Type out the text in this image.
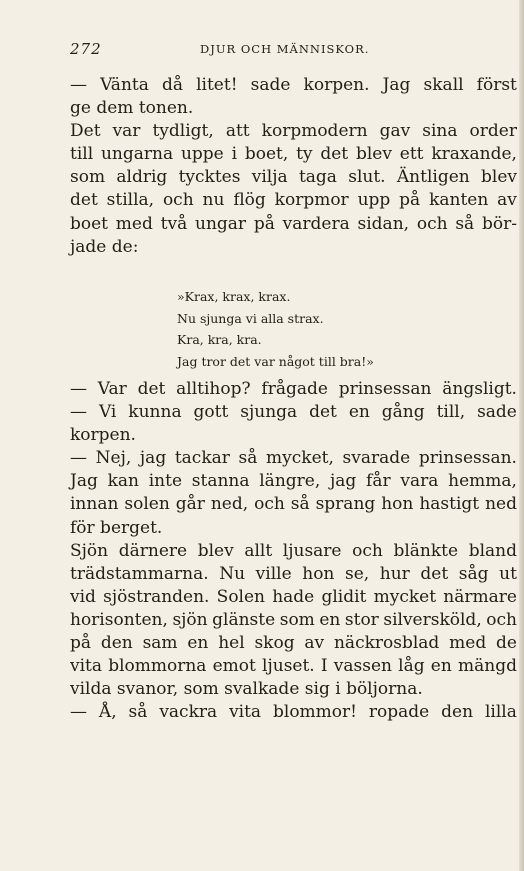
272	DJUR OCH MÄNNISKOR.
— Vänta då litet! sade korpen. Jag skall först
ge dem tonen.
Det var tydligt, att korpmodern gav sina order
till ungarna uppe i boet, ty det blev ett kraxande,
som aldrig tycktes vilja taga slut. Äntligen blev
det stilla, och nu flög korpmor upp på kanten av
boet med två ungar på vardera sidan, och så bör-
jade de:
»Krax, krax, krax.
Nu sjunga vi alla strax.
Kra, kra, kra.
Jag tror det var något till bra!»
— Var det alltihop? frågade prinsessan ängsligt.
— Vi kunna gott sjunga det en gång till, sade
korpen.
— Nej, jag tackar så mycket, svarade prinsessan.
Jag kan inte stanna längre, jag får vara hemma,
innan solen går ned, och så sprang hon hastigt ned
för berget.
Sjön därnere blev allt ljusare och blänkte bland
trädstammarna. Nu ville hon se, hur det såg ut
vid sjöstranden. Solen hade glidit mycket närmare
horisonten, sjön glänste som en stor silversköld, och
på den sam en hel skog av näckrosblad med de
vita blommorna emot ljuset. I vassen låg en mängd
vilda svanor, som svalkade sig i böljorna.
— Å, så vackra vita blommor! ropade den lilla
